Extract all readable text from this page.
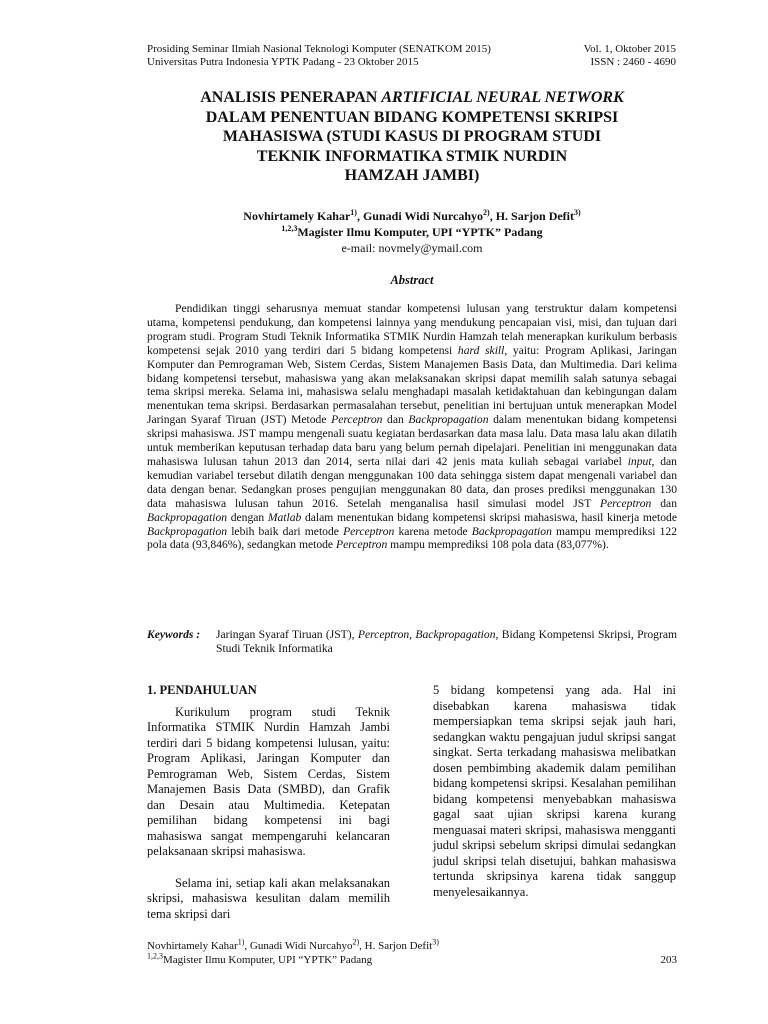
Prosiding Seminar Ilmiah Nasional Teknologi Komputer (SENATKOM 2015)
Universitas Putra Indonesia YPTK Padang - 23 Oktober 2015
Vol. 1, Oktober 2015
ISSN : 2460 - 4690
ANALISIS PENERAPAN ARTIFICIAL NEURAL NETWORK
DALAM PENENTUAN BIDANG KOMPETENSI SKRIPSI
MAHASISWA (STUDI KASUS DI PROGRAM STUDI
TEKNIK INFORMATIKA STMIK NURDIN
HAMZAH JAMBI)
Novhirtamely Kahar$^{1)}$, Gunadi Widi Nurcahyo$^{2)}$, H. Sarjon Defit$^{3)}$
$^{1,2,3}$Magister Ilmu Komputer, UPI “YPTK” Padang
e-mail: novmely@ymail.com
Abstract
Pendidikan tinggi seharusnya memuat standar kompetensi lulusan yang terstruktur dalam kompetensi utama, kompetensi pendukung, dan kompetensi lainnya yang mendukung pencapaian visi, misi, dan tujuan dari program studi. Program Studi Teknik Informatika STMIK Nurdin Hamzah telah menerapkan kurikulum berbasis kompetensi sejak 2010 yang terdiri dari 5 bidang kompetensi hard skill, yaitu: Program Aplikasi, Jaringan Komputer dan Pemrograman Web, Sistem Cerdas, Sistem Manajemen Basis Data, dan Multimedia. Dari kelima bidang kompetensi tersebut, mahasiswa yang akan melaksanakan skripsi dapat memilih salah satunya sebagai tema skripsi mereka. Selama ini, mahasiswa selalu menghadapi masalah ketidaktahuan dan kebingungan dalam menentukan tema skripsi. Berdasarkan permasalahan tersebut, penelitian ini bertujuan untuk menerapkan Model Jaringan Syaraf Tiruan (JST) Metode Perceptron dan Backpropagation dalam menentukan bidang kompetensi skripsi mahasiswa. JST mampu mengenali suatu kegiatan berdasarkan data masa lalu. Data masa lalu akan dilatih untuk memberikan keputusan terhadap data baru yang belum pernah dipelajari. Penelitian ini menggunakan data mahasiswa lulusan tahun 2013 dan 2014, serta nilai dari 42 jenis mata kuliah sebagai variabel input, dan kemudian variabel tersebut dilatih dengan menggunakan 100 data sehingga sistem dapat mengenali variabel dan data dengan benar. Sedangkan proses pengujian menggunakan 80 data, dan proses prediksi menggunakan 130 data mahasiswa lulusan tahun 2016. Setelah menganalisa hasil simulasi model JST Perceptron dan Backpropagation dengan Matlab dalam menentukan bidang kompetensi skripsi mahasiswa, hasil kinerja metode Backpropagation lebih baik dari metode Perceptron karena metode Backpropagation mampu memprediksi 122 pola data (93,846%), sedangkan metode Perceptron mampu memprediksi 108 pola data (83,077%).
Keywords :	Jaringan Syaraf Tiruan (JST), Perceptron, Backpropagation, Bidang Kompetensi Skripsi, Program Studi Teknik Informatika
1. PENDAHULUAN

Kurikulum program studi Teknik Informatika STMIK Nurdin Hamzah Jambi terdiri dari 5 bidang kompetensi lulusan, yaitu: Program Aplikasi, Jaringan Komputer dan Pemrograman Web, Sistem Cerdas, Sistem Manajemen Basis Data (SMBD), dan Grafik dan Desain atau Multimedia. Ketepatan pemilihan bidang kompetensi ini bagi mahasiswa sangat mempengaruhi kelancaran pelaksanaan skripsi mahasiswa.

Selama ini, setiap kali akan melaksanakan skripsi, mahasiswa kesulitan dalam memilih tema skripsi dari

5 bidang kompetensi yang ada. Hal ini disebabkan karena mahasiswa tidak mempersiapkan tema skripsi sejak jauh hari, sedangkan waktu pengajuan judul skripsi sangat singkat. Serta terkadang mahasiswa melibatkan dosen pembimbing akademik dalam pemilihan bidang kompetensi skripsi. Kesalahan pemilihan bidang kompetensi menyebabkan mahasiswa gagal saat ujian skripsi karena kurang menguasai materi skripsi, mahasiswa mengganti judul skripsi sebelum skripsi dimulai sedangkan judul skripsi telah disetujui, bahkan mahasiswa tertunda skripsinya karena tidak sanggup menyelesaikannya.

Novhirtamely Kahar$^{1)}$, Gunadi Widi Nurcahyo$^{2)}$, H. Sarjon Defit$^{3)}$
$^{1,2,3}$Magister Ilmu Komputer, UPI “YPTK” Padang	203
